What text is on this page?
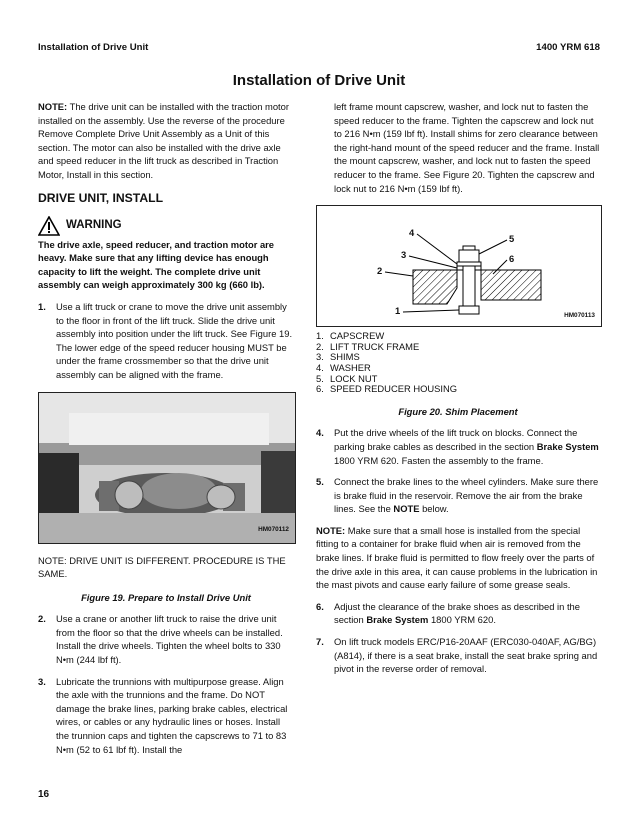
Installation of Drive Unit	1400 YRM 618
Installation of Drive Unit

NOTE: The drive unit can be installed with the traction motor installed on the assembly. Use the reverse of the procedure Remove Complete Drive Unit Assembly as a Unit of this section. The motor can also be installed with the drive axle and speed reducer in the lift truck as described in Traction Motor, Install in this section.

DRIVE UNIT, INSTALL
WARNING

The drive axle, speed reducer, and traction motor are heavy. Make sure that any lifting device has enough capacity to lift the weight. The complete drive unit assembly can weigh approximately 300 kg (660 lb).

1.	Use a lift truck or crane to move the drive unit assembly to the floor in front of the lift truck. Slide the drive unit assembly into position under the lift truck. See Figure 19. The lower edge of the speed reducer housing MUST be under the frame crossmember so that the drive unit assembly can be aligned with the frame.
HM070112

NOTE: DRIVE UNIT IS DIFFERENT. PROCEDURE IS THE SAME.

Figure 19. Prepare to Install Drive Unit

2.	Use a crane or another lift truck to raise the drive unit from the floor so that the drive wheels can be installed. Install the drive wheels. Tighten the wheel bolts to 330 N•m (244 lbf ft).
3.	Lubricate the trunnions with multipurpose grease. Align the axle with the trunnions and the frame. Do NOT damage the brake lines, parking brake cables, electrical wires, or cables or any hydraulic lines or hoses. Install the trunnion caps and tighten the capscrews to 71 to 83 N•m (52 to 61 lbf ft). Install the

left frame mount capscrew, washer, and lock nut to fasten the speed reducer to the frame. Tighten the capscrew and lock nut to 216 N•m (159 lbf ft). Install shims for zero clearance between the right-hand mount of the speed reducer and the frame. Install the mount capscrew, washer, and lock nut to fasten the speed reducer to the frame. See Figure 20. Tighten the capscrew and lock nut to 216 N•m (159 lbf ft).

1
2
3
4
5
6
HM070113
1. CAPSCREW
2. LIFT TRUCK FRAME
3. SHIMS
4. WASHER
5. LOCK NUT
6. SPEED REDUCER HOUSING

Figure 20. Shim Placement

4.	Put the drive wheels of the lift truck on blocks. Connect the parking brake cables as described in the section Brake System 1800 YRM 620. Fasten the assembly to the frame.
5.	Connect the brake lines to the wheel cylinders. Make sure there is brake fluid in the reservoir. Remove the air from the brake lines. See the NOTE below.

NOTE: Make sure that a small hose is installed from the special fitting to a container for brake fluid when air is removed from the brake lines. If brake fluid is permitted to flow freely over the parts of the drive axle in this area, it can cause problems in the lubrication in the mast pivots and cause early failure of some grease seals.

6.	Adjust the clearance of the brake shoes as described in the section Brake System 1800 YRM 620.
7.	On lift truck models ERC/P16-20AAF (ERC030-040AF, AG/BG) (A814), if there is a seat brake, install the seat brake spring and pivot in the reverse order of removal.
16
